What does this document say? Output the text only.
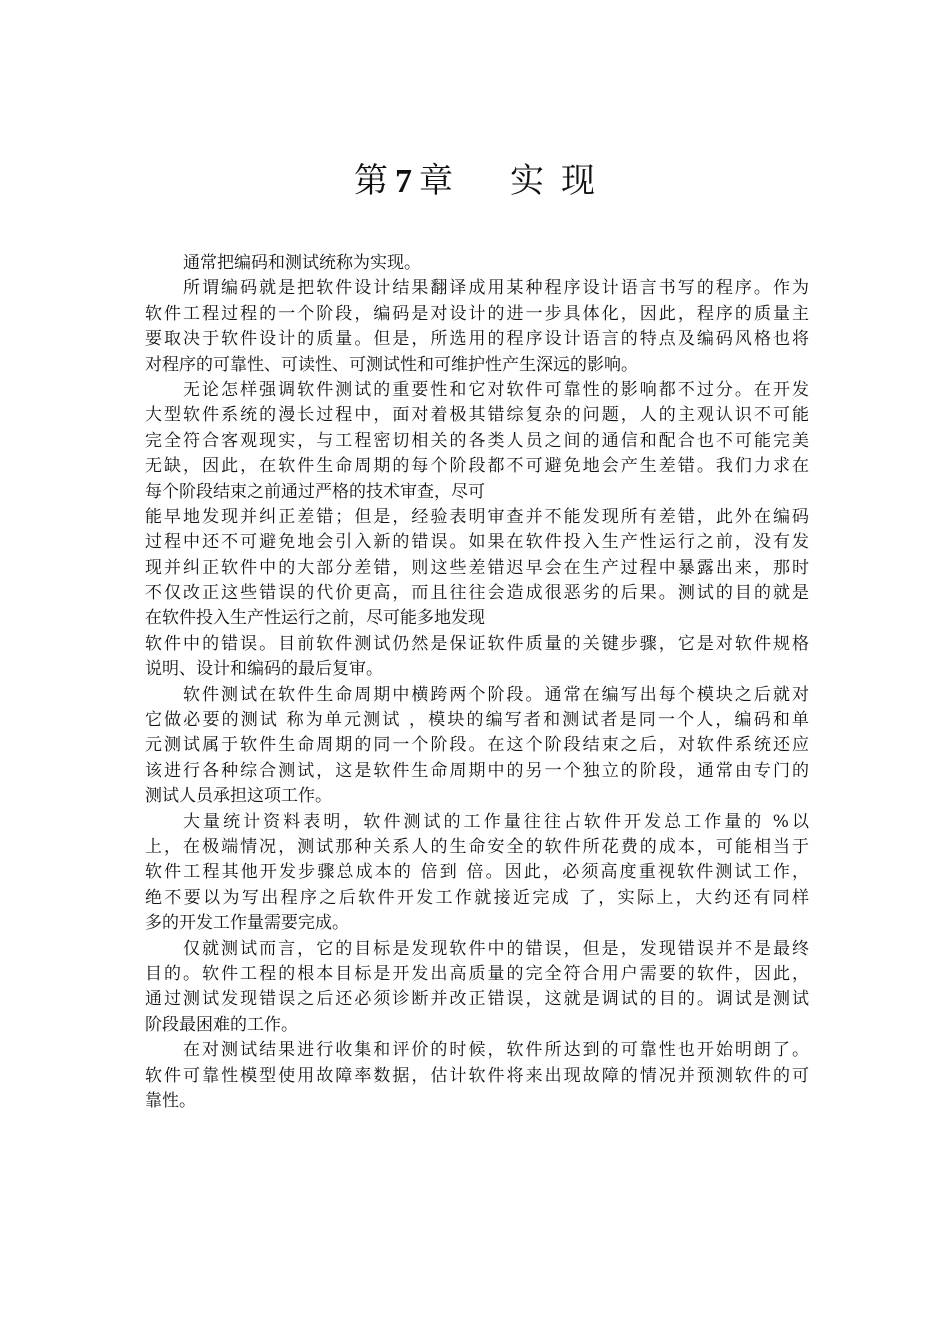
第 7 章 实 现
通常把编码和测试统称为实现。
所谓编码就是把软件设计结果翻译成用某种程序设计语言书写的程序。作为
软件工程过程的一个阶段，编码是对设计的进一步具体化，因此，程序的质量主
要取决于软件设计的质量。但是，所选用的程序设计语言的特点及编码风格也将
对程序的可靠性、可读性、可测试性和可维护性产生深远的影响。
无论怎样强调软件测试的重要性和它对软件可靠性的影响都不过分。在开发
大型软件系统的漫长过程中，面对着极其错综复杂的问题，人的主观认识不可能
完全符合客观现实，与工程密切相关的各类人员之间的通信和配合也不可能完美
无缺，因此，在软件生命周期的每个阶段都不可避免地会产生差错。我们力求在
每个阶段结束之前通过严格的技术审查，尽可
能早地发现并纠正差错；但是，经验表明审查并不能发现所有差错，此外在编码
过程中还不可避免地会引入新的错误。如果在软件投入生产性运行之前，没有发
现并纠正软件中的大部分差错，则这些差错迟早会在生产过程中暴露出来，那时
不仅改正这些错误的代价更高，而且往往会造成很恶劣的后果。测试的目的就是
在软件投入生产性运行之前，尽可能多地发现
软件中的错误。目前软件测试仍然是保证软件质量的关键步骤，它是对软件规格
说明、设计和编码的最后复审。
软件测试在软件生命周期中横跨两个阶段。通常在编写出每个模块之后就对
它做必要的测试 称为单元测试 ，模块的编写者和测试者是同一个人，编码和单
元测试属于软件生命周期的同一个阶段。在这个阶段结束之后，对软件系统还应
该进行各种综合测试，这是软件生命周期中的另一个独立的阶段，通常由专门的
测试人员承担这项工作。
大量统计资料表明，软件测试的工作量往往占软件开发总工作量的 %以
上，在极端情况，测试那种关系人的生命安全的软件所花费的成本，可能相当于
软件工程其他开发步骤总成本的 倍到 倍。因此，必须高度重视软件测试工作，
绝不要以为写出程序之后软件开发工作就接近完成 了，实际上，大约还有同样
多的开发工作量需要完成。
仅就测试而言，它的目标是发现软件中的错误，但是，发现错误并不是最终
目的。软件工程的根本目标是开发出高质量的完全符合用户需要的软件，因此，
通过测试发现错误之后还必须诊断并改正错误，这就是调试的目的。调试是测试
阶段最困难的工作。
在对测试结果进行收集和评价的时候，软件所达到的可靠性也开始明朗了。
软件可靠性模型使用故障率数据，估计软件将来出现故障的情况并预测软件的可
靠性。
